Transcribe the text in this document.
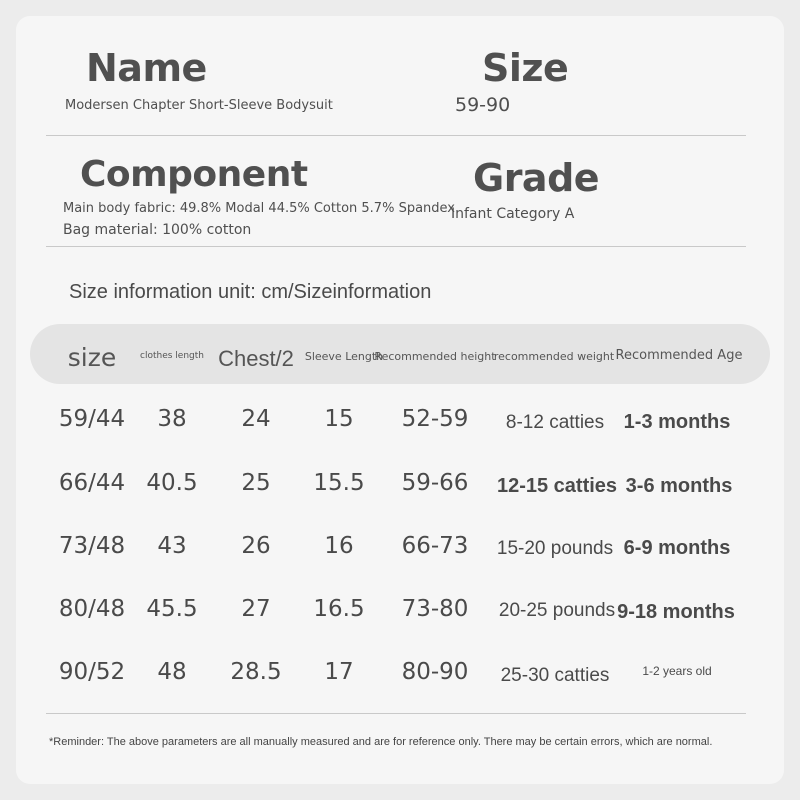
Name
Modersen Chapter Short-Sleeve Bodysuit
Size
59-90
Component
Main body fabric: 49.8% Modal 44.5% Cotton 5.7% Spandex
Bag material: 100% cotton
Grade
Infant Category A
Size information unit: cm/Sizeinformation
size	clothes length Chest/2 Sleeve Length
Recommended height
recommended weight Recommended Age
59/44 38 24 15 52-59 8-12 catties 1-3 months
66/44 40.5 25 15.5 59-66 12-15 catties 3-6 months
73/48 43 26 16 66-73 15-20 pounds 6-9 months
80/48 45.5 27 16.5 73-80 20-25 pounds 9-18 months
90/52 48 28.5 17 80-90 25-30 catties	1-2 years old
*Reminder: The above parameters are all manually measured and are for reference only. There may be certain errors, which are normal.
